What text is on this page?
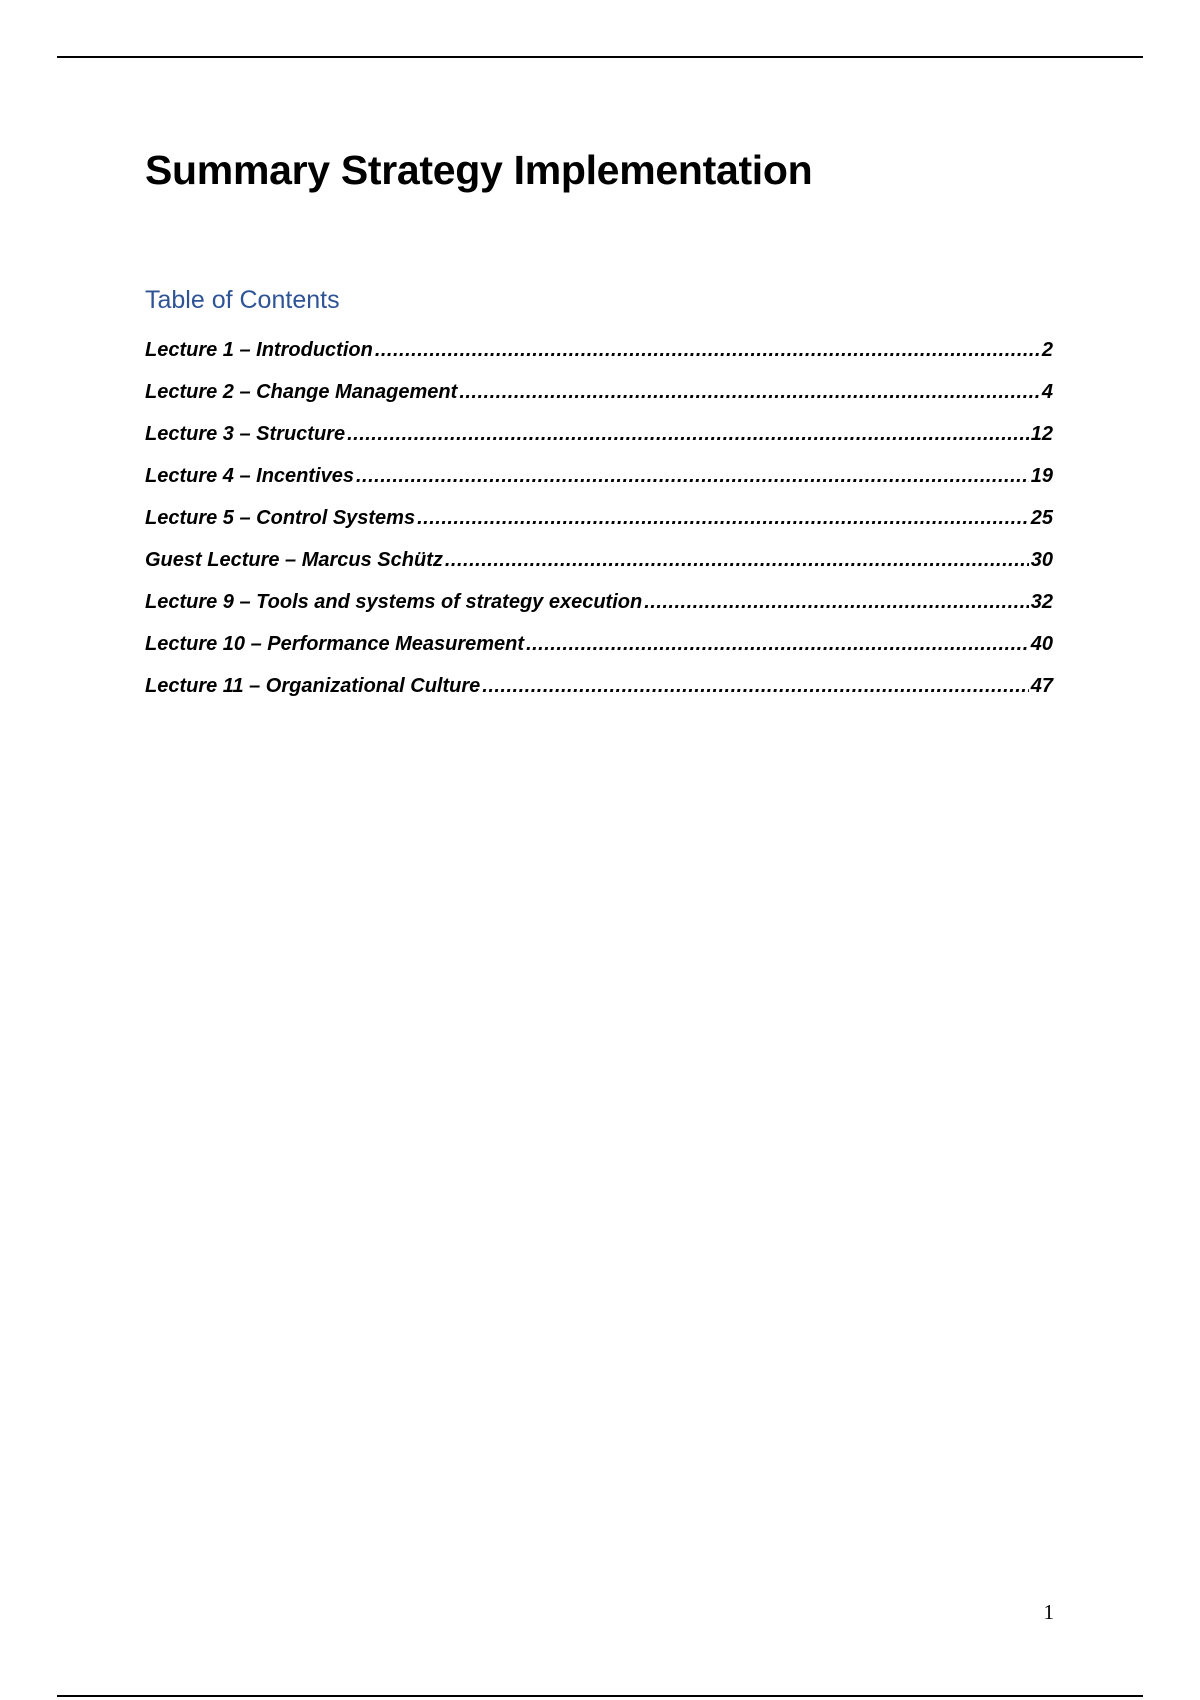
Summary Strategy Implementation
Table of Contents
Lecture 1 – Introduction .....	2
Lecture 2 – Change Management .....	4
Lecture 3 – Structure .....	12
Lecture 4 – Incentives .....	19
Lecture 5 – Control Systems .....	25
Guest Lecture – Marcus Schütz .....	30
Lecture 9 – Tools and systems of strategy execution .....	32
Lecture 10 – Performance Measurement .....	40
Lecture 11 – Organizational Culture .....	47
1
